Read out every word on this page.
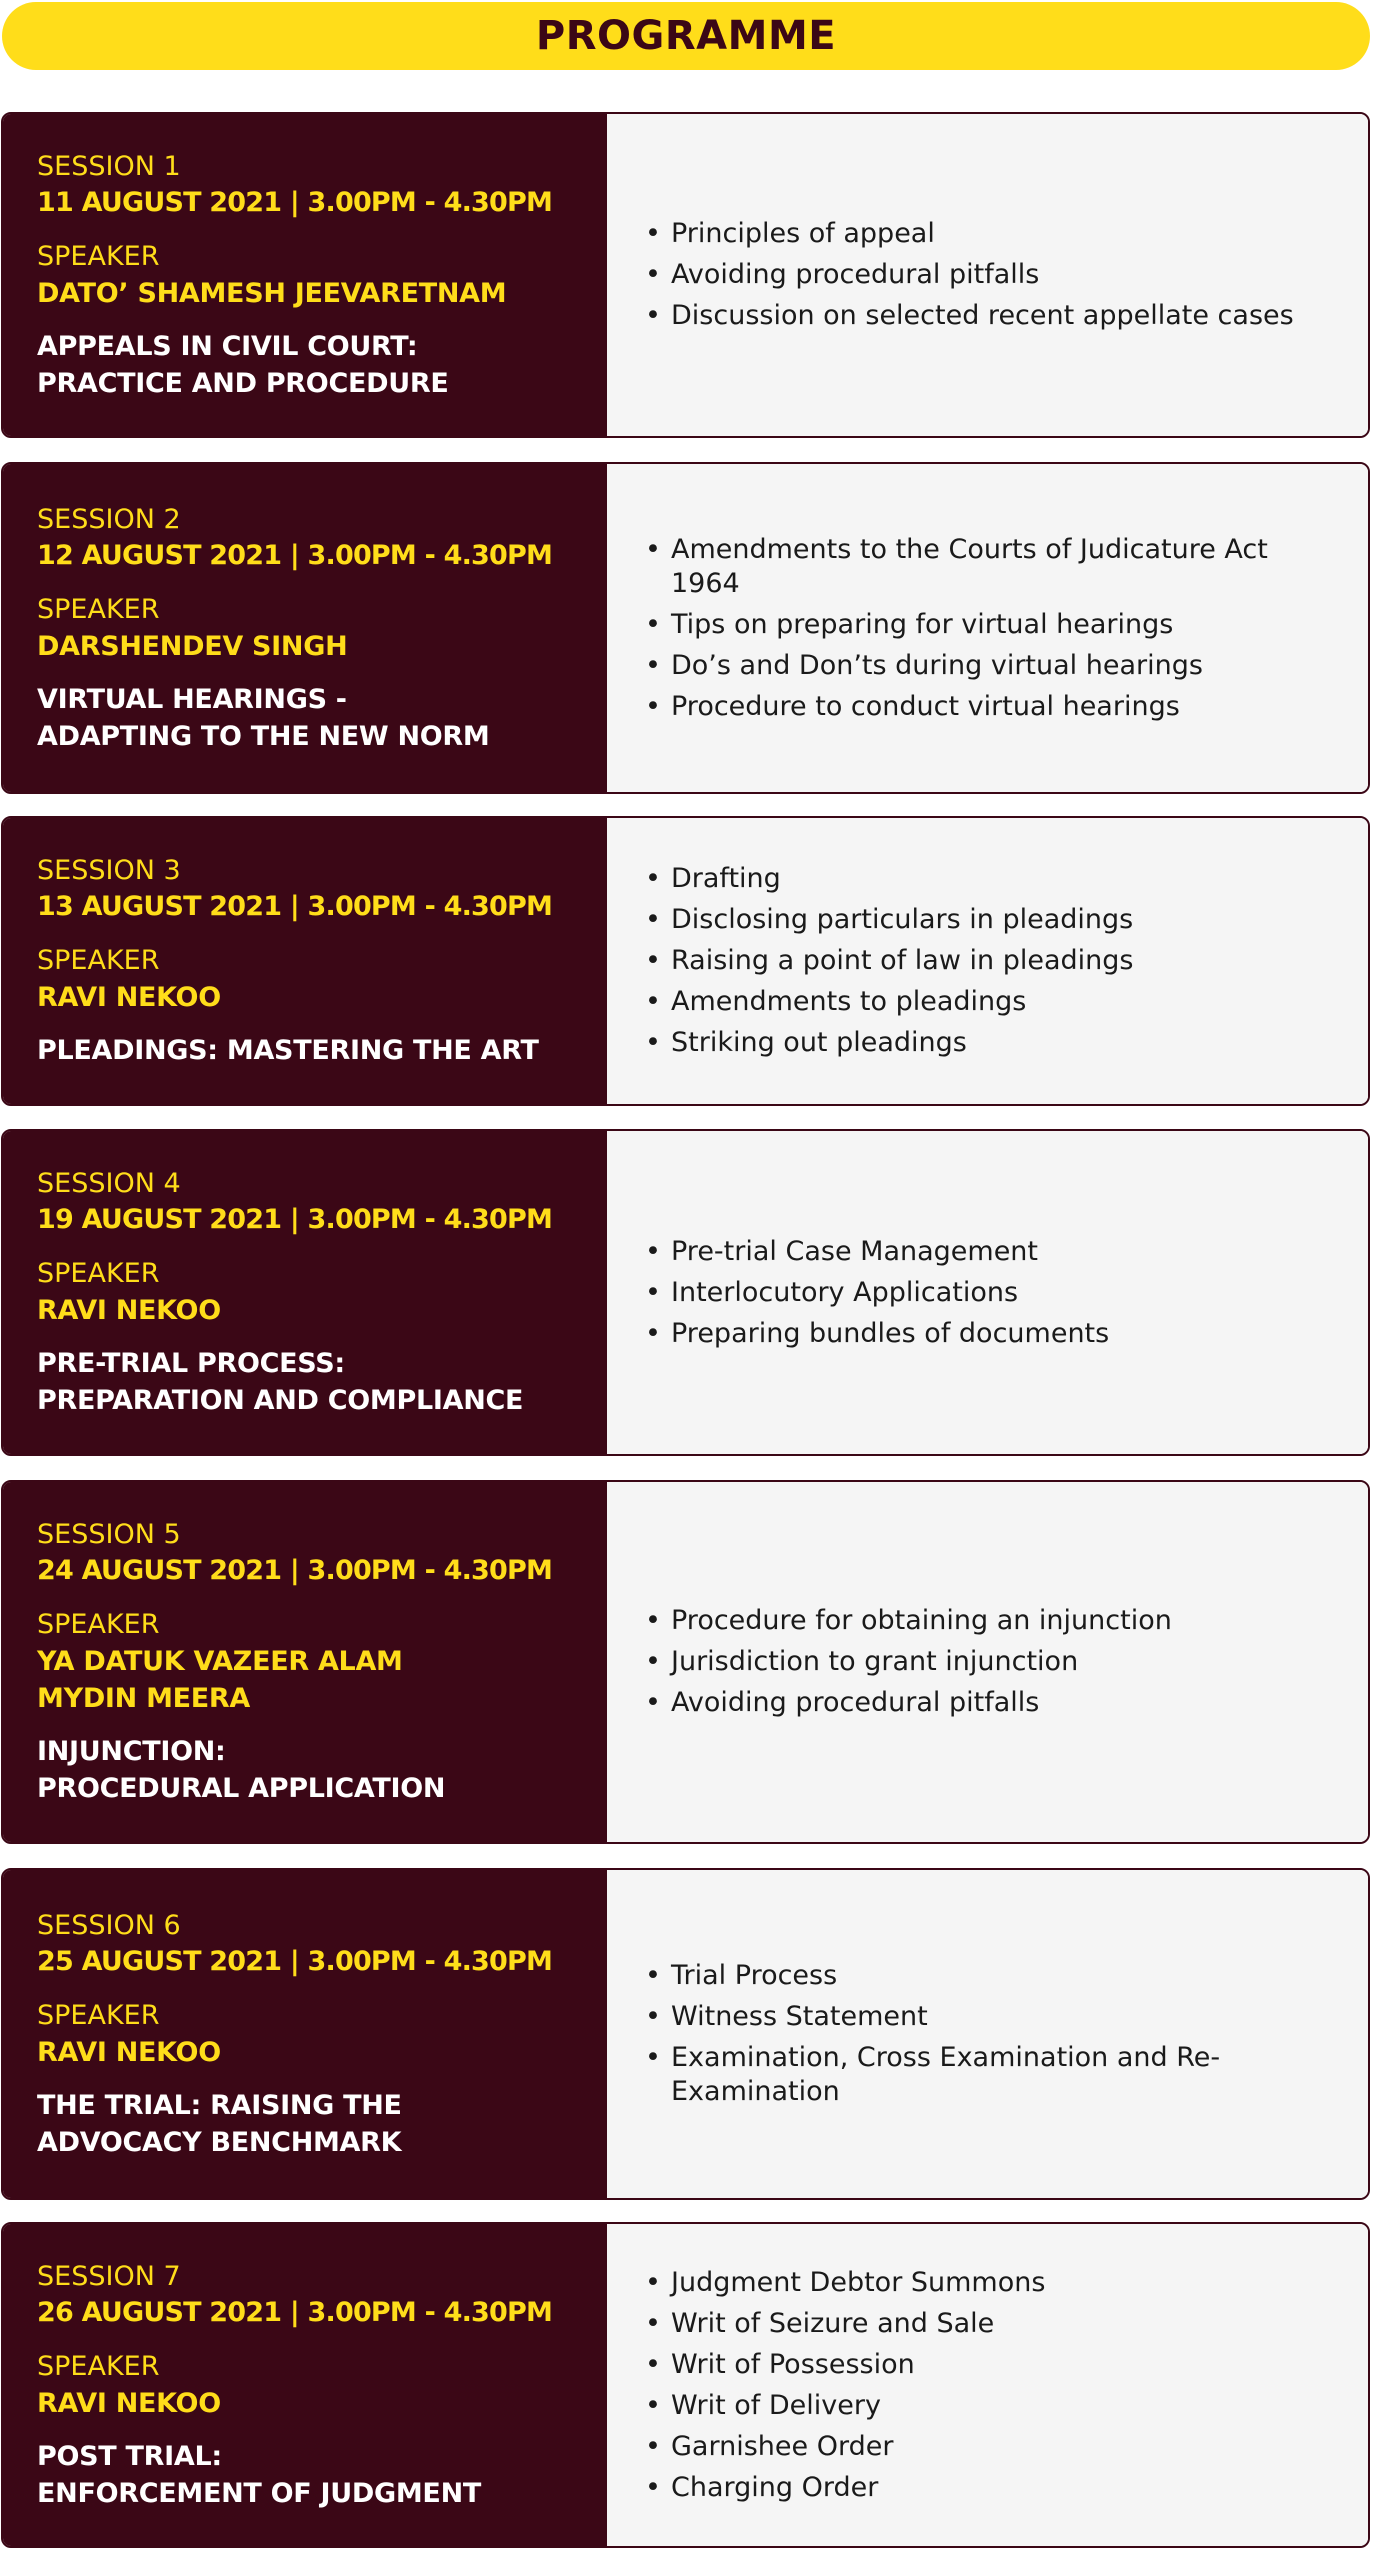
PROGRAMME
SESSION 1
11 AUGUST 2021 | 3.00PM - 4.30PM
SPEAKER
DATO’ SHAMESH JEEVARETNAM
APPEALS IN CIVIL COURT:
PRACTICE AND PROCEDURE
• Principles of appeal
• Avoiding procedural pitfalls
• Discussion on selected recent appellate cases
SESSION 2
12 AUGUST 2021 | 3.00PM - 4.30PM
SPEAKER
DARSHENDEV SINGH
VIRTUAL HEARINGS -
ADAPTING TO THE NEW NORM
• Amendments to the Courts of Judicature Act 1964
• Tips on preparing for virtual hearings
• Do’s and Don’ts during virtual hearings
• Procedure to conduct virtual hearings
SESSION 3
13 AUGUST 2021 | 3.00PM - 4.30PM
SPEAKER
RAVI NEKOO
PLEADINGS: MASTERING THE ART
• Drafting
• Disclosing particulars in pleadings
• Raising a point of law in pleadings
• Amendments to pleadings
• Striking out pleadings
SESSION 4
19 AUGUST 2021 | 3.00PM - 4.30PM
SPEAKER
RAVI NEKOO
PRE-TRIAL PROCESS:
PREPARATION AND COMPLIANCE
• Pre-trial Case Management
• Interlocutory Applications
• Preparing bundles of documents
SESSION 5
24 AUGUST 2021 | 3.00PM - 4.30PM
SPEAKER
YA DATUK VAZEER ALAM
MYDIN MEERA
INJUNCTION:
PROCEDURAL APPLICATION
• Procedure for obtaining an injunction
• Jurisdiction to grant injunction
• Avoiding procedural pitfalls
SESSION 6
25 AUGUST 2021 | 3.00PM - 4.30PM
SPEAKER
RAVI NEKOO
THE TRIAL: RAISING THE
ADVOCACY BENCHMARK
• Trial Process
• Witness Statement
• Examination, Cross Examination and Re-Examination
SESSION 7
26 AUGUST 2021 | 3.00PM - 4.30PM
SPEAKER
RAVI NEKOO
POST TRIAL:
ENFORCEMENT OF JUDGMENT
• Judgment Debtor Summons
• Writ of Seizure and Sale
• Writ of Possession
• Writ of Delivery
• Garnishee Order
• Charging Order
